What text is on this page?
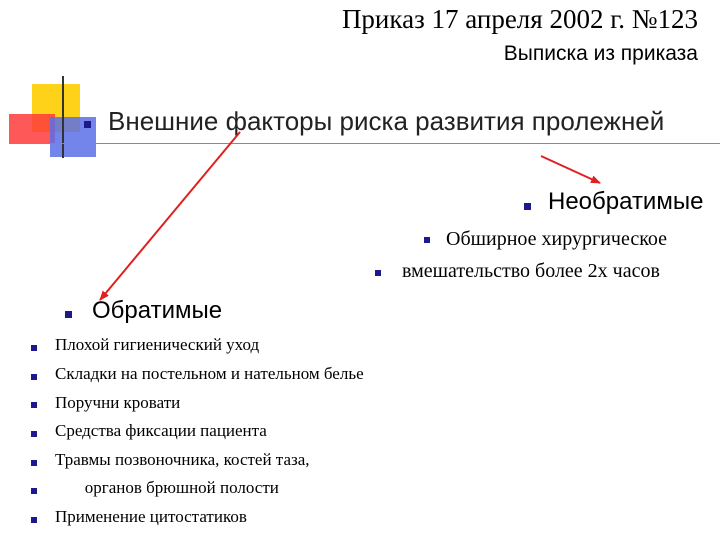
Приказ 17 апреля 2002 г. №123
Выписка из приказа
Внешние факторы риска развития пролежней
Необратимые
Обширное хирургическое
вмешательство более 2х часов
Обратимые
Плохой гигиенический уход
Складки на постельном и нательном белье
Поручни кровати
Средства фиксации пациента
Травмы позвоночника, костей таза,
органов брюшной полости
Применение цитостатиков
